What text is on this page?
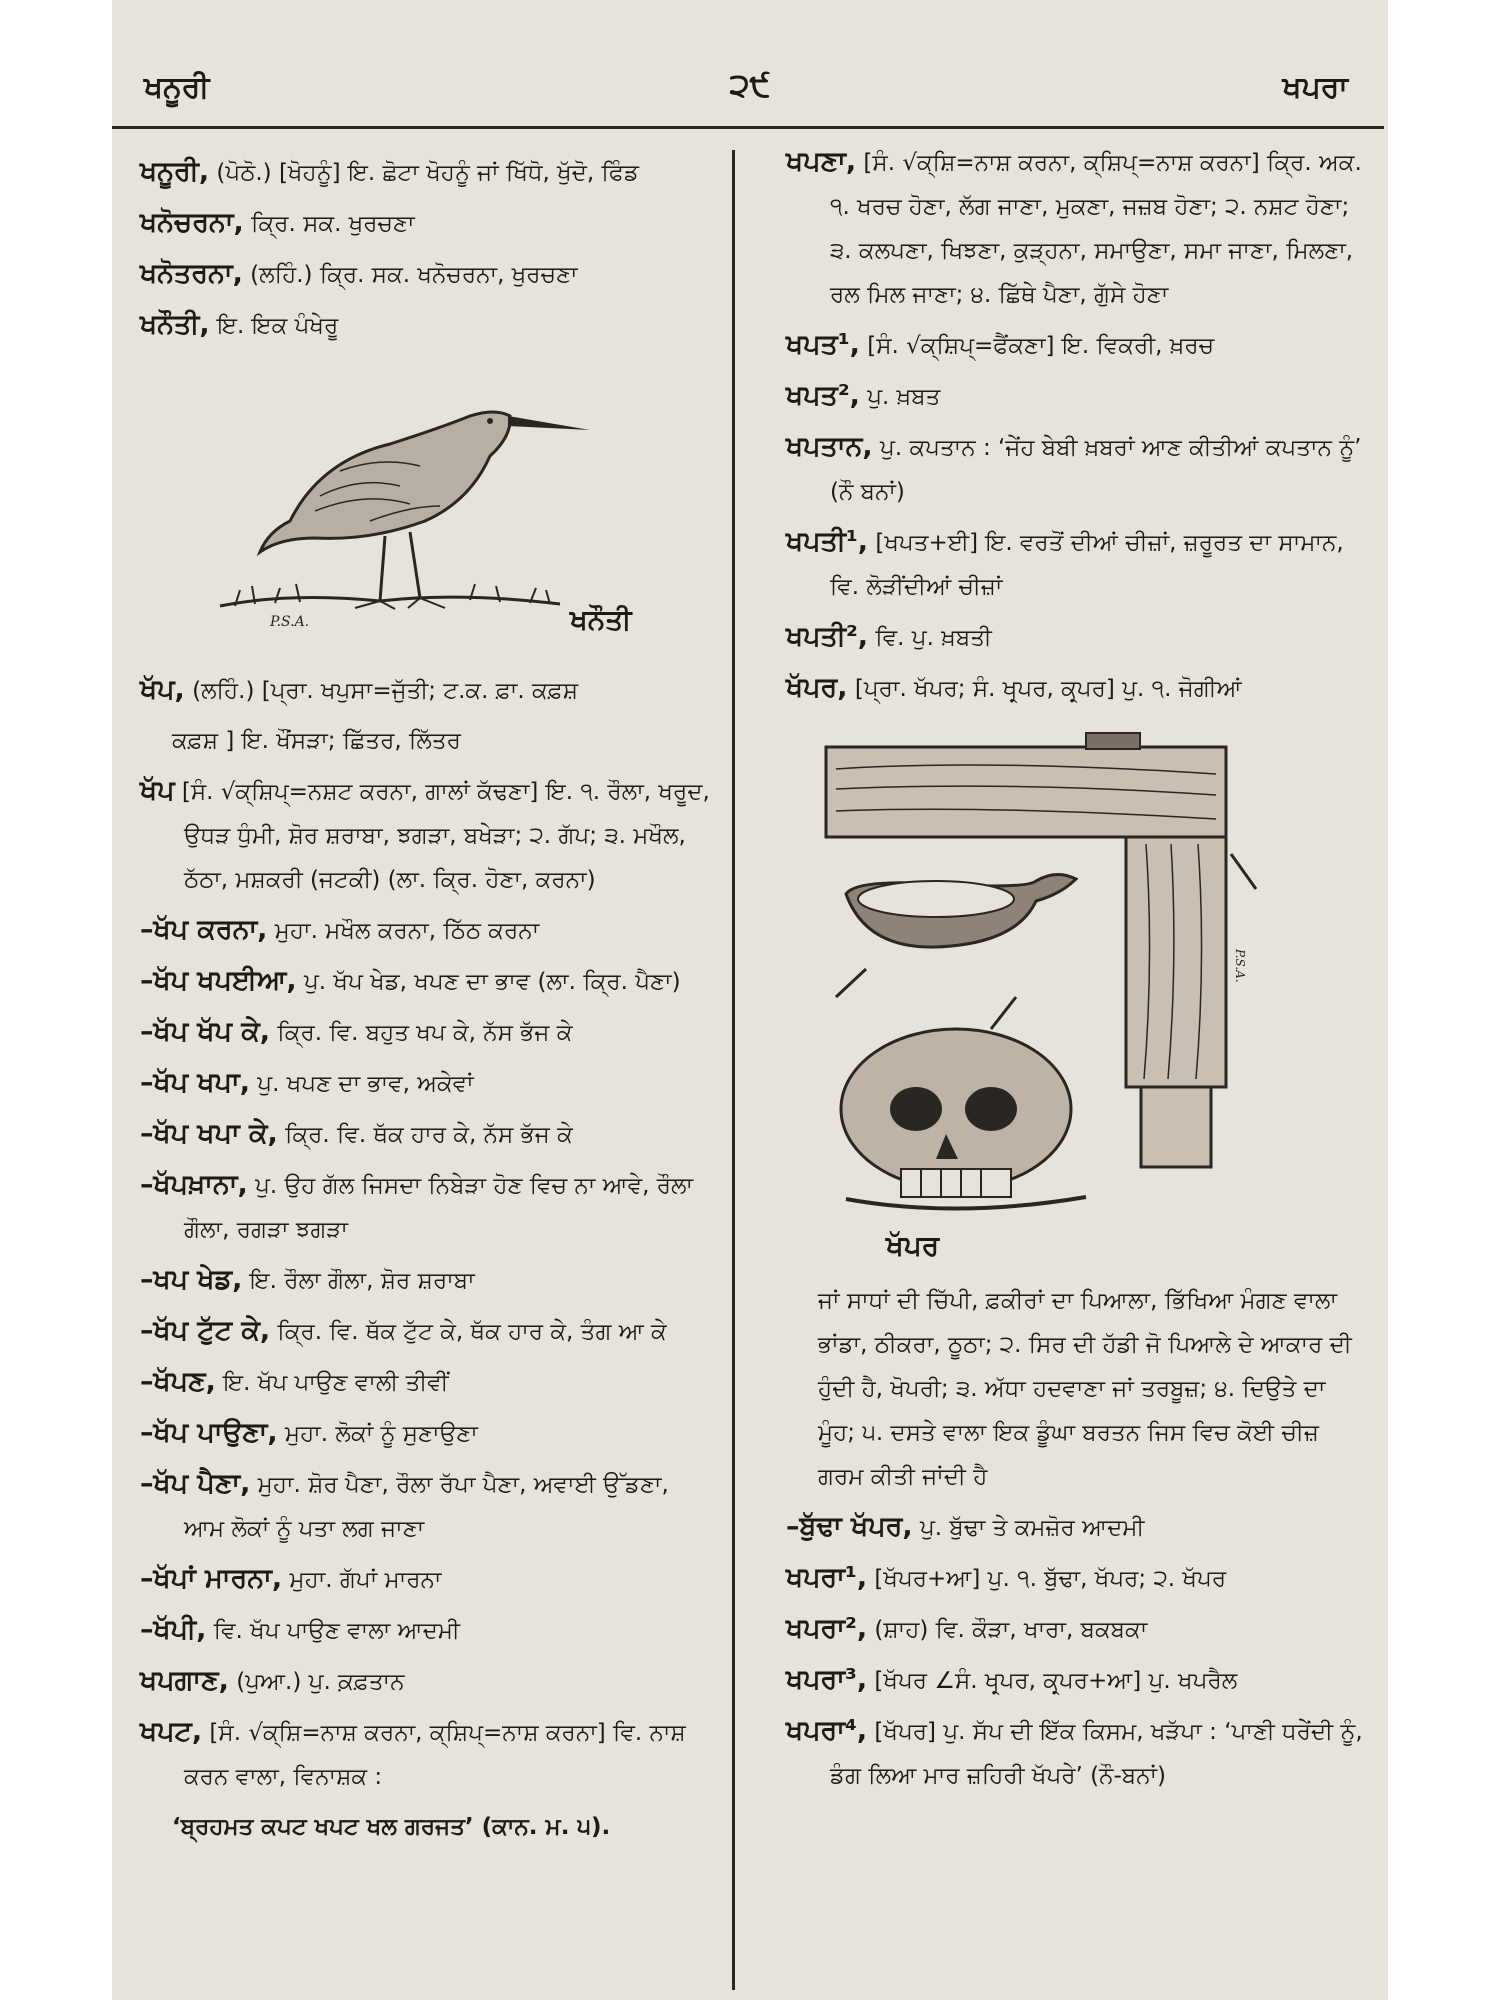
ਖਨੂਰੀ	੨੯	ਖਪਰਾ

ਖਨੂਰੀ, (ਪੋਠੋ.) [ਖੋਹਨੂੰ] ਇ. ਛੋਟਾ ਖੋਹਨੂੰ ਜਾਂ ਖਿੱਧੋ, ਖੁੱਦੋ, ਫਿੰਡ

ਖਨੋਚਰਨਾ, ਕ੍ਰਿ. ਸਕ. ਖੁਰਚਣਾ

ਖਨੋਤਰਨਾ, (ਲਹਿੰ.) ਕ੍ਰਿ. ਸਕ. ਖਨੋਚਰਨਾ, ਖੁਰਚਣਾ

ਖਨੌਤੀ, ਇ. ਇਕ ਪੰਖੇਰੂ

P.S.A.	ਖਨੌਤੀ

ਖੱਪ, (ਲਹਿੰ.) [ਪ੍ਰਾ. ਖਪੁਸਾ=ਜੁੱਤੀ; ਟ.ਕ. ਫ਼ਾ. ਕਫ਼ਸ਼

ਕਫ਼ਸ਼ ] ਇ. ਖੌਂਸੜਾ; ਛਿੱਤਰ, ਲਿੱਤਰ

ਖੱਪ [ਸੰ. √ਕ੍ਸ਼ਿਪ੍=ਨਸ਼ਟ ਕਰਨਾ, ਗਾਲਾਂ ਕੱਢਣਾ] ਇ. ੧. ਰੌਲਾ, ਖਰੂਦ, ਉਧੜ ਧੁੰਮੀ, ਸ਼ੋਰ ਸ਼ਰਾਬਾ, ਝਗੜਾ, ਬਖੇੜਾ; ੨. ਗੱਪ; ੩. ਮਖੌਲ, ਠੱਠਾ, ਮਸ਼ਕਰੀ (ਜਟਕੀ) (ਲਾ. ਕ੍ਰਿ. ਹੋਣਾ, ਕਰਨਾ)

–ਖੱਪ ਕਰਨਾ, ਮੁਹਾ. ਮਖੌਲ ਕਰਨਾ, ਠਿੱਠ ਕਰਨਾ

–ਖੱਪ ਖਪਈਆ, ਪੁ. ਖੱਪ ਖੇਡ, ਖਪਣ ਦਾ ਭਾਵ (ਲਾ. ਕ੍ਰਿ. ਪੈਣਾ)

–ਖੱਪ ਖੱਪ ਕੇ, ਕ੍ਰਿ. ਵਿ. ਬਹੁਤ ਖਪ ਕੇ, ਨੱਸ ਭੱਜ ਕੇ

–ਖੱਪ ਖਪਾ, ਪੁ. ਖਪਣ ਦਾ ਭਾਵ, ਅਕੇਵਾਂ

–ਖੱਪ ਖਪਾ ਕੇ, ਕ੍ਰਿ. ਵਿ. ਥੱਕ ਹਾਰ ਕੇ, ਨੱਸ ਭੱਜ ਕੇ

–ਖੱਪਖ਼ਾਨਾ, ਪੁ. ਉਹ ਗੱਲ ਜਿਸਦਾ ਨਿਬੇੜਾ ਹੋਣ ਵਿਚ ਨਾ ਆਵੇ, ਰੌਲਾ ਗੌਲਾ, ਰਗੜਾ ਝਗੜਾ

–ਖਪ ਖੇਡ, ਇ. ਰੌਲਾ ਗੌਲਾ, ਸ਼ੋਰ ਸ਼ਰਾਬਾ

–ਖੱਪ ਟੁੱਟ ਕੇ, ਕ੍ਰਿ. ਵਿ. ਥੱਕ ਟੁੱਟ ਕੇ, ਥੱਕ ਹਾਰ ਕੇ, ਤੰਗ ਆ ਕੇ

–ਖੱਪਣ, ਇ. ਖੱਪ ਪਾਉਣ ਵਾਲੀ ਤੀਵੀਂ

–ਖੱਪ ਪਾਉਣਾ, ਮੁਹਾ. ਲੋਕਾਂ ਨੂੰ ਸੁਣਾਉਣਾ

–ਖੱਪ ਪੈਣਾ, ਮੁਹਾ. ਸ਼ੋਰ ਪੈਣਾ, ਰੌਲਾ ਰੱਪਾ ਪੈਣਾ, ਅਵਾਈ ਉੱਡਣਾ, ਆਮ ਲੋਕਾਂ ਨੂੰ ਪਤਾ ਲਗ ਜਾਣਾ

–ਖੱਪਾਂ ਮਾਰਨਾ, ਮੁਹਾ. ਗੱਪਾਂ ਮਾਰਨਾ

–ਖੱਪੀ, ਵਿ. ਖੱਪ ਪਾਉਣ ਵਾਲਾ ਆਦਮੀ

ਖਪਗਾਣ, (ਪੁਆ.) ਪੁ. ਕ਼ਫ਼ਤਾਨ

ਖਪਟ, [ਸੰ. √ਕ੍ਸ਼ਿ=ਨਾਸ਼ ਕਰਨਾ, ਕ੍ਸ਼ਿਪ੍=ਨਾਸ਼ ਕਰਨਾ] ਵਿ. ਨਾਸ਼ ਕਰਨ ਵਾਲਾ, ਵਿਨਾਸ਼ਕ :

‘ਬ੍ਰਹਮਤ ਕਪਟ ਖਪਟ ਖਲ ਗਰਜਤ’ (ਕਾਨ. ਮ. ੫).

ਖਪਣਾ, [ਸੰ. √ਕ੍ਸ਼ਿ=ਨਾਸ਼ ਕਰਨਾ, ਕ੍ਸ਼ਿਪ੍=ਨਾਸ਼ ਕਰਨਾ] ਕ੍ਰਿ. ਅਕ. ੧. ਖਰਚ ਹੋਣਾ, ਲੱਗ ਜਾਣਾ, ਮੁਕਣਾ, ਜਜ਼ਬ ਹੋਣਾ; ੨. ਨਸ਼ਟ ਹੋਣਾ; ੩. ਕਲਪਣਾ, ਖਿਝਣਾ, ਕੁੜ੍ਹਨਾ, ਸਮਾਉਣਾ, ਸਮਾ ਜਾਣਾ, ਮਿਲਣਾ, ਰਲ ਮਿਲ ਜਾਣਾ; ੪. ਛਿੱਥੇ ਪੈਣਾ, ਗੁੱਸੇ ਹੋਣਾ

ਖਪਤ¹, [ਸੰ. √ਕ੍ਸ਼ਿਪ੍=ਫੈਂਕਣਾ] ਇ. ਵਿਕਰੀ, ਖ਼ਰਚ

ਖਪਤ², ਪੁ. ਖ਼ਬਤ

ਖਪਤਾਨ, ਪੁ. ਕਪਤਾਨ : ‘ਜੇਂਹ ਬੇਬੀ ਖ਼ਬਰਾਂ ਆਣ ਕੀਤੀਆਂ ਕਪਤਾਨ ਨੂੰ’ (ਨੌ ਬਨਾਂ)

ਖਪਤੀ¹, [ਖਪਤ+ਈ] ਇ. ਵਰਤੋਂ ਦੀਆਂ ਚੀਜ਼ਾਂ, ਜ਼ਰੂਰਤ ਦਾ ਸਾਮਾਨ, ਵਿ. ਲੋੜੀਂਦੀਆਂ ਚੀਜ਼ਾਂ

ਖਪਤੀ², ਵਿ. ਪੁ. ਖ਼ਬਤੀ

ਖੱਪਰ, [ਪ੍ਰਾ. ਖੱਪਰ; ਸੰ. ਖਰ੍ਪਰ, ਕਰ੍ਪਰ] ਪੁ. ੧. ਜੋਗੀਆਂ

P.S.A.
ਖੱਪਰ

ਜਾਂ ਸਾਧਾਂ ਦੀ ਚਿੱਪੀ, ਫ਼ਕੀਰਾਂ ਦਾ ਪਿਆਲਾ, ਭਿੱਖਿਆ ਮੰਗਣ ਵਾਲਾ ਭਾਂਡਾ, ਠੀਕਰਾ, ਠੂਠਾ; ੨. ਸਿਰ ਦੀ ਹੱਡੀ ਜੋ ਪਿਆਲੇ ਦੇ ਆਕਾਰ ਦੀ ਹੁੰਦੀ ਹੈ, ਖੋਪਰੀ; ੩. ਅੱਧਾ ਹਦਵਾਣਾ ਜਾਂ ਤਰਬੂਜ਼; ੪. ਦਿਉਤੇ ਦਾ ਮੂੰਹ; ੫. ਦਸਤੇ ਵਾਲਾ ਇਕ ਡੂੰਘਾ ਬਰਤਨ ਜਿਸ ਵਿਚ ਕੋਈ ਚੀਜ਼ ਗਰਮ ਕੀਤੀ ਜਾਂਦੀ ਹੈ

–ਬੁੱਢਾ ਖੱਪਰ, ਪੁ. ਬੁੱਢਾ ਤੇ ਕਮਜ਼ੋਰ ਆਦਮੀ

ਖਪਰਾ¹, [ਖੱਪਰ+ਆ] ਪੁ. ੧. ਬੁੱਢਾ, ਖੱਪਰ; ੨. ਖੱਪਰ

ਖਪਰਾ², (ਸ਼ਾਹ) ਵਿ. ਕੌੜਾ, ਖਾਰਾ, ਬਕਬਕਾ

ਖਪਰਾ³, [ਖੱਪਰ ∠ਸੰ. ਖਰ੍ਪਰ, ਕਰ੍ਪਰ+ਆ] ਪੁ. ਖਪਰੈਲ

ਖਪਰਾ⁴, [ਖੱਪਰ] ਪੁ. ਸੱਪ ਦੀ ਇੱਕ ਕਿਸਮ, ਖੜੱਪਾ : ‘ਪਾਣੀ ਧਰੇਂਦੀ ਨੂੰ, ਡੰਗ ਲਿਆ ਮਾਰ ਜ਼ਹਿਰੀ ਖੱਪਰੇ’ (ਨੌ-ਬਨਾਂ)
